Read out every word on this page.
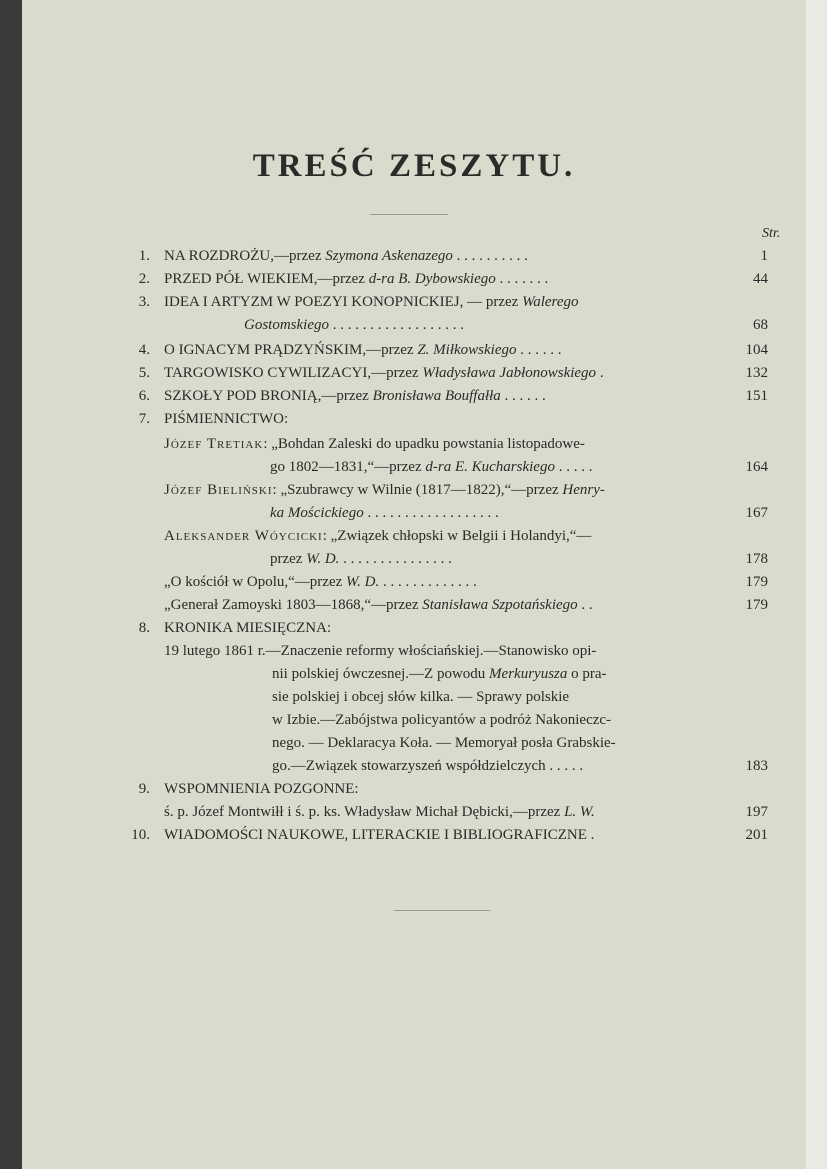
TREŚĆ ZESZYTU.
Str.
1. NA ROZDROŻU,—przez Szymona Askenazego . . . . . . . . . .	1
2. PRZED PÓŁ WIEKIEM,—przez d-ra B. Dybowskiego . . . . . . .	44
3. IDEA I ARTYZM W POEZYI KONOPNICKIEJ, — przez Walerego
Gostomskiego . . . . . . . . . . . . . . . . . .	68
4. O IGNACYM PRĄDZYŃSKIM,—przez Z. Miłkowskiego . . . . . .	104
5. TARGOWISKO CYWILIZACYI,—przez Władysława Jabłonowskiego .	132
6. SZKOŁY POD BRONIĄ,—przez Bronisława Bouffałła . . . . . .	151
7. PIŚMIENNICTWO:
Józef Tretiak: „Bohdan Zaleski do upadku powstania listopadowe-
go 1802—1831,“—przez d-ra E. Kucharskiego . . . . .	164
Józef Bieliński: „Szubrawcy w Wilnie (1817—1822),“—przez Henry-
ka Mościckiego . . . . . . . . . . . . . . . . . .	167
Aleksander Wóycicki: „Związek chłopski w Belgii i Holandyi,“—
przez W. D. . . . . . . . . . . . . . . .	178
„O kościół w Opolu,“—przez W. D. . . . . . . . . . . . . .	179
„Generał Zamoyski 1803—1868,“—przez Stanisława Szpotańskiego . .	179
8. KRONIKA MIESIĘCZNA:
19 lutego 1861 r.—Znaczenie reformy włościańskiej.—Stanowisko opi-
nii polskiej ówczesnej.—Z powodu Merkuryusza o pra-
sie polskiej i obcej słów kilka. — Sprawy polskie
w Izbie.—Zabójstwa policyantów a podróż Nakonieczc-
nego. — Deklaracya Koła. — Memoryał posła Grabskie-
go.—Związek stowarzyszeń współdzielczych . . . . .	183
9. WSPOMNIENIA POZGONNE:
ś. p. Józef Montwiłł i ś. p. ks. Władysław Michał Dębicki,—przez L. W.	197
10. WIADOMOŚCI NAUKOWE, LITERACKIE I BIBLIOGRAFICZNE .	201
